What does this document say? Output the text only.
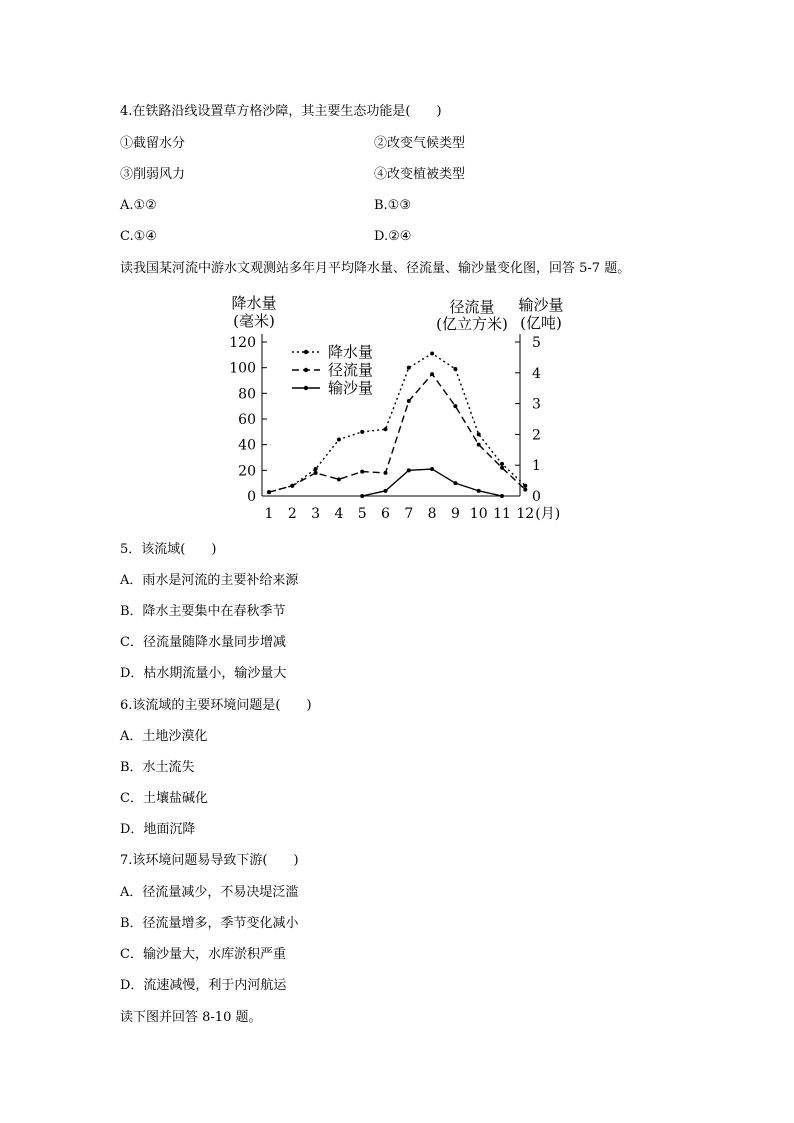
4.在铁路沿线设置草方格沙障，其主要生态功能是(　　)
①截留水分	②改变气候类型
③削弱风力	④改变植被类型
A.①②	B.①③
C.①④	D.②④
读我国某河流中游水文观测站多年月平均降水量、径流量、输沙量变化图，回答 5-7 题。
0
20
40
60
80
100
120
0
1
2
3
4
5
1 2 3 4 5 6 7 8 9 10 11 12 (月)
降水量
(毫米)
径流量
(亿立方米)
输沙量
(亿吨)
降水量
径流量
输沙量
5．该流域(　　)
A．雨水是河流的主要补给来源
B．降水主要集中在春秋季节
C．径流量随降水量同步增减
D．枯水期流量小，输沙量大
6.该流域的主要环境问题是(　　)
A．土地沙漠化
B．水土流失
C．土壤盐碱化
D．地面沉降
7.该环境问题易导致下游(　　)
A．径流量减少，不易决堤泛滥
B．径流量增多，季节变化减小
C．输沙量大，水库淤积严重
D．流速减慢，利于内河航运
读下图并回答 8-10 题。
